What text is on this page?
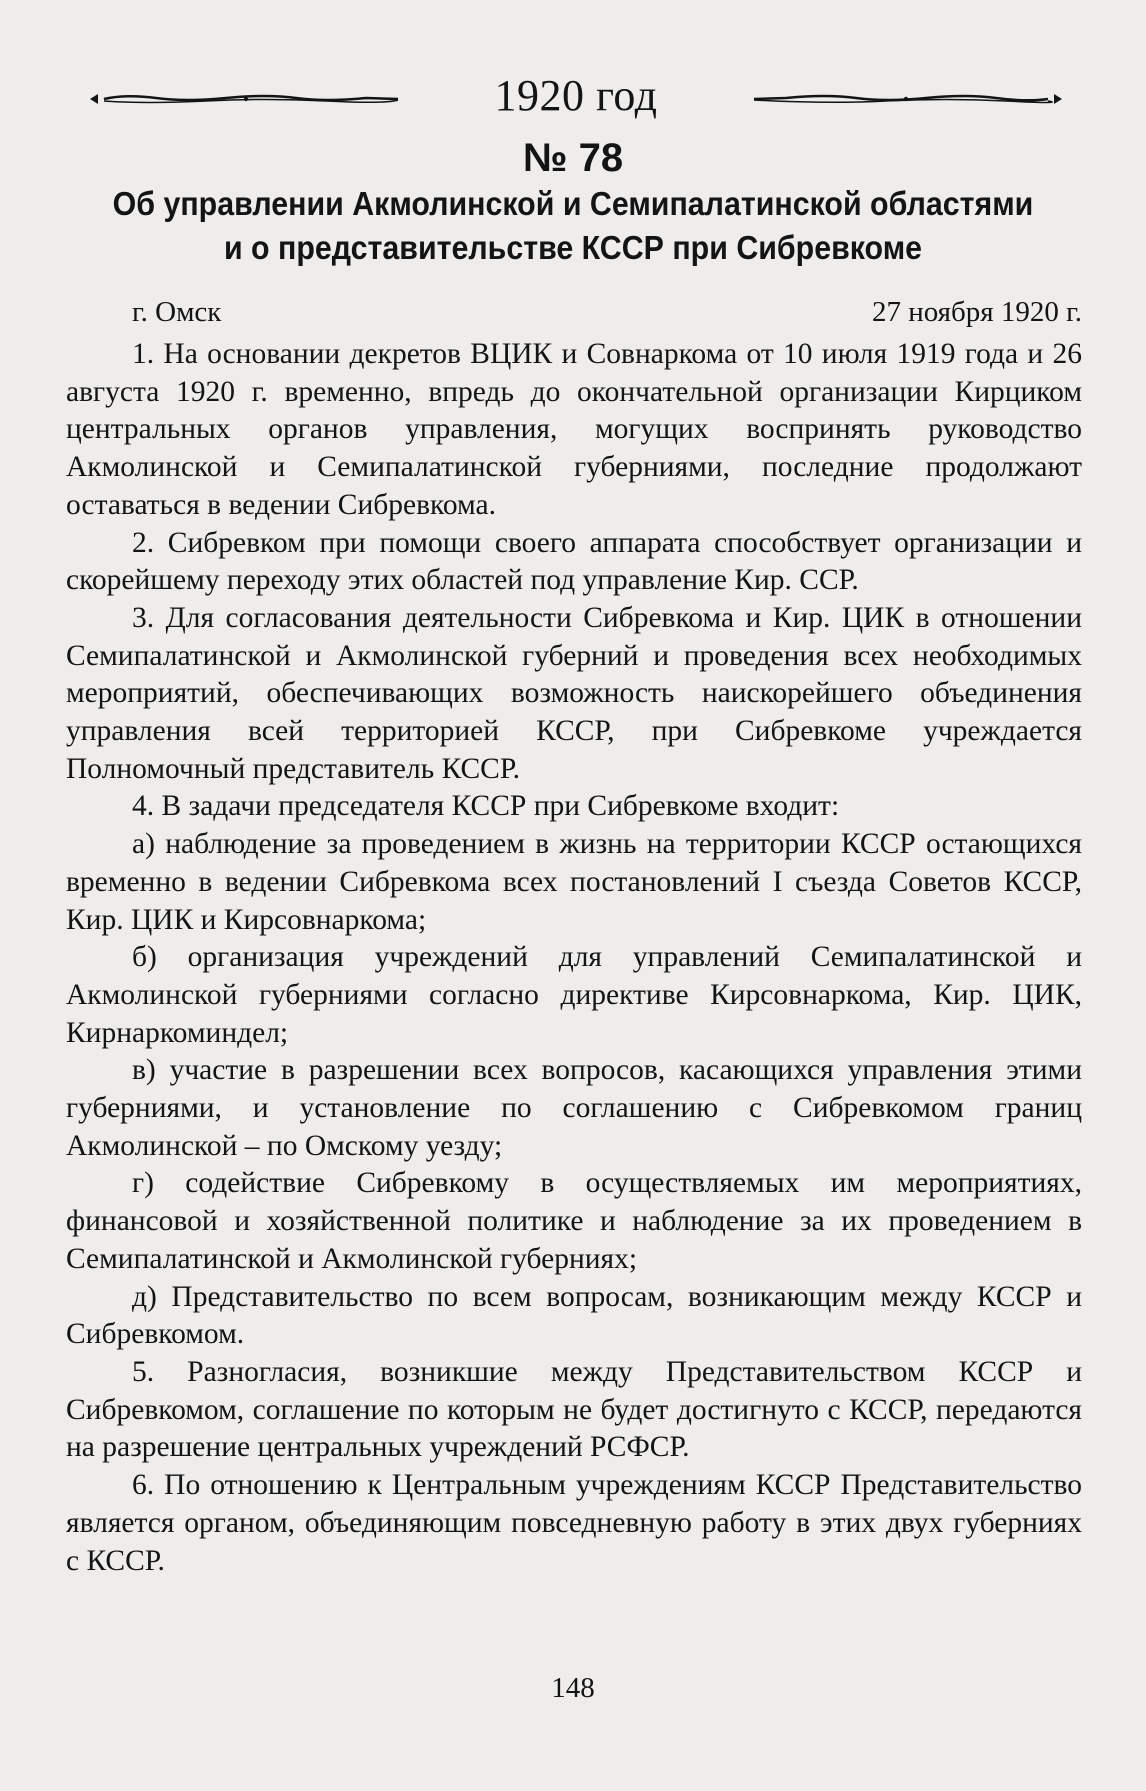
1920 год
№ 78
Об управлении Акмолинской и Семипалатинской областями
и о представительстве КССР при Сибревкоме
г. Омск	27 ноября 1920 г.

1. На основании декретов ВЦИК и Совнаркома от 10 июля 1919 года и 26 августа 1920 г. временно, впредь до окончательной организации Кирциком центральных органов управления, могущих воспринять руководство Акмолинской и Семипалатинской губерниями, последние продолжают оставаться в ведении Сибревкома.

2. Сибревком при помощи своего аппарата способствует организации и скорейшему переходу этих областей под управление Кир. ССР.

3. Для согласования деятельности Сибревкома и Кир. ЦИК в отношении Семипалатинской и Акмолинской губерний и проведения всех необходимых мероприятий, обеспечивающих возможность наискорейшего объединения управления всей территорией КССР, при Сибревкоме учреждается Полномочный представитель КССР.

4. В задачи председателя КССР при Сибревкоме входит:

а) наблюдение за проведением в жизнь на территории КССР остающихся временно в ведении Сибревкома всех постановлений I съезда Советов КССР, Кир. ЦИК и Кирсовнаркома;

б) организация учреждений для управлений Семипалатинской и Акмолинской губерниями согласно директиве Кирсовнаркома, Кир. ЦИК, Кирнаркоминдел;

в) участие в разрешении всех вопросов, касающихся управления этими губерниями, и установление по соглашению с Сибревкомом границ Акмолинской – по Омскому уезду;

г) содействие Сибревкому в осуществляемых им мероприятиях, финансовой и хозяйственной политике и наблюдение за их проведением в Семипалатинской и Акмолинской губерниях;

д) Представительство по всем вопросам, возникающим между КССР и Сибревкомом.

5. Разногласия, возникшие между Представительством КССР и Сибревкомом, соглашение по которым не будет достигнуто с КССР, передаются на разрешение центральных учреждений РСФСР.

6. По отношению к Центральным учреждениям КССР Представительство является органом, объединяющим повседневную работу в этих двух губерниях с КССР.

148
